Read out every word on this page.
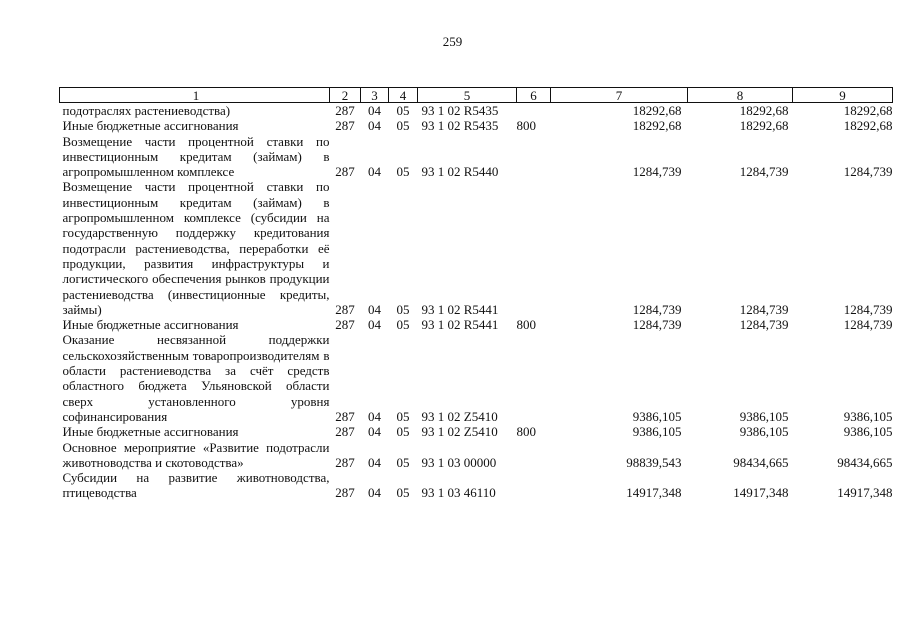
259
1	2	3	4	5	6	7	8	9
подотраслях растениеводства)	287	04	05	93 1 02 R5435		18292,68	18292,68	18292,68
Иные бюджетные ассигнования	287	04	05	93 1 02 R5435	800	18292,68	18292,68	18292,68
Возмещение части процентной ставки по инвестиционным кредитам (займам) в агропромышленном комплексе	287	04	05	93 1 02 R5440		1284,739	1284,739	1284,739
Возмещение части процентной ставки по инвестиционным кредитам (займам) в агропромышленном комплексе (субсидии на государственную поддержку кредитования подотрасли растениеводства, переработки её продукции, развития инфраструктуры и логистического обеспечения рынков продукции растениеводства (инвестиционные кредиты, займы)	287	04	05	93 1 02 R5441		1284,739	1284,739	1284,739
Иные бюджетные ассигнования	287	04	05	93 1 02 R5441	800	1284,739	1284,739	1284,739
Оказание несвязанной поддержки сельскохозяйственным товаропроизводителям в области растениеводства за счёт средств областного бюджета Ульяновской области сверх установленного уровня софинансирования	287	04	05	93 1 02 Z5410		9386,105	9386,105	9386,105
Иные бюджетные ассигнования	287	04	05	93 1 02 Z5410	800	9386,105	9386,105	9386,105
Основное мероприятие «Развитие подотрасли животноводства и скотоводства»	287	04	05	93 1 03 00000		98839,543	98434,665	98434,665
Субсидии на развитие животноводства, птицеводства	287	04	05	93 1 03 46110		14917,348	14917,348	14917,348
